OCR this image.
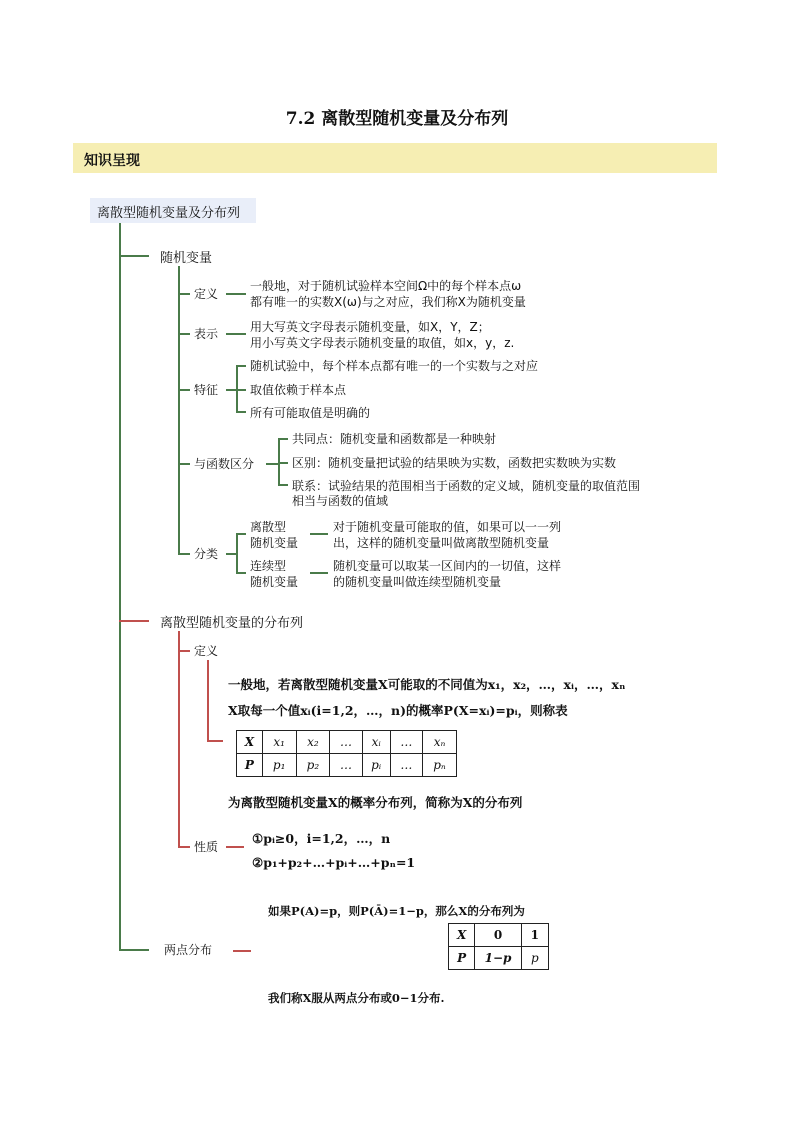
7.2 离散型随机变量及分布列
知识呈现
离散型随机变量及分布列
随机变量
定义
一般地，对于随机试验样本空间Ω中的每个样本点ω
都有唯一的实数X(ω)与之对应，我们称X为随机变量
表示	用大写英文字母表示随机变量，如X，Y，Z；
用小写英文字母表示随机变量的取值，如x，y，z.
特征
随机试验中，每个样本点都有唯一的一个实数与之对应
取值依赖于样本点
所有可能取值是明确的
与函数区分
共同点：随机变量和函数都是一种映射
区别：随机变量把试验的结果映为实数，函数把实数映为实数
联系：试验结果的范围相当于函数的定义域，随机变量的取值范围
相当与函数的值域
分类
离散型
随机变量
对于随机变量可能取的值，如果可以一一列
出，这样的随机变量叫做离散型随机变量
连续型
随机变量
随机变量可以取某一区间内的一切值，这样
的随机变量叫做连续型随机变量
离散型随机变量的分布列
定义
一般地，若离散型随机变量X可能取的不同值为x₁，x₂，…，xᵢ，…，xₙ
X取每一个值xᵢ(i=1,2，…，n)的概率P(X=xᵢ)=pᵢ，则称表
X	x₁	x₂	…	xᵢ	…	xₙ
P	p₁	p₂	…	pᵢ	…	pₙ
为离散型随机变量X的概率分布列，简称为X的分布列
性质
①pᵢ≥0，i=1,2，…，n
②p₁+p₂+…+pᵢ+…+pₙ=1
两点分布
如果P(A)=p，则P(Ā)=1−p，那么X的分布列为
X	0	1
P	1−p	p
我们称X服从两点分布或0−1分布.
